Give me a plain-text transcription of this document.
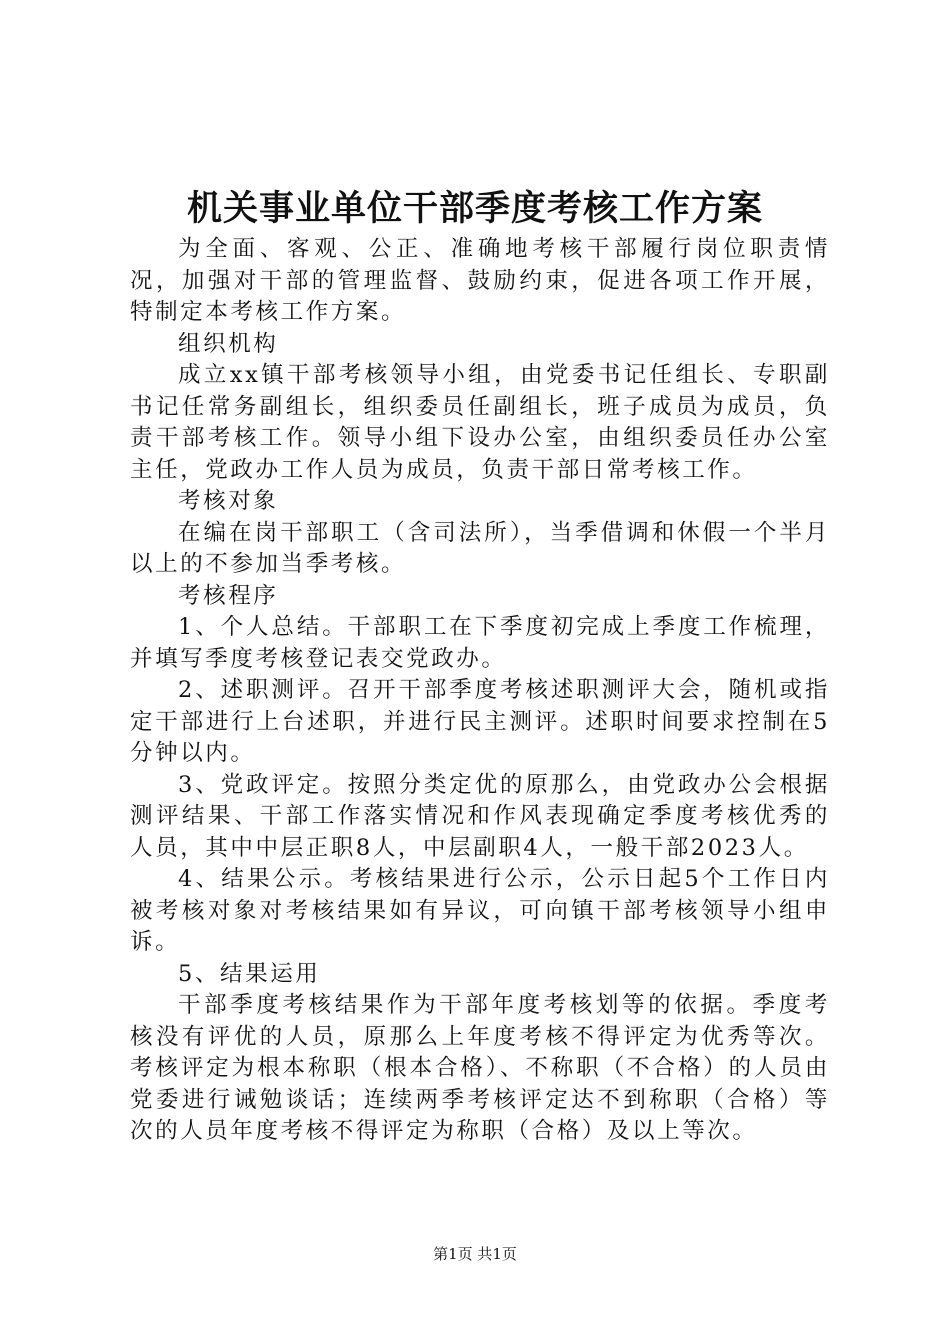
机关事业单位干部季度考核工作方案

为全面、客观、公正、准确地考核干部履行岗位职责情况，加强对干部的管理监督、鼓励约束，促进各项工作开展，特制定本考核工作方案。

组织机构

成立xx镇干部考核领导小组，由党委书记任组长、专职副书记任常务副组长，组织委员任副组长，班子成员为成员，负责干部考核工作。领导小组下设办公室，由组织委员任办公室主任，党政办工作人员为成员，负责干部日常考核工作。

考核对象

在编在岗干部职工（含司法所），当季借调和休假一个半月以上的不参加当季考核。

考核程序

1、个人总结。干部职工在下季度初完成上季度工作梳理，并填写季度考核登记表交党政办。

2、述职测评。召开干部季度考核述职测评大会，随机或指定干部进行上台述职，并进行民主测评。述职时间要求控制在5分钟以内。

3、党政评定。按照分类定优的原那么，由党政办公会根据测评结果、干部工作落实情况和作风表现确定季度考核优秀的人员，其中中层正职8人，中层副职4人，一般干部2023人。

4、结果公示。考核结果进行公示，公示日起5个工作日内被考核对象对考核结果如有异议，可向镇干部考核领导小组申诉。

5、结果运用

干部季度考核结果作为干部年度考核划等的依据。季度考核没有评优的人员，原那么上年度考核不得评定为优秀等次。考核评定为根本称职（根本合格）、不称职（不合格）的人员由党委进行诫勉谈话；连续两季考核评定达不到称职（合格）等次的人员年度考核不得评定为称职（合格）及以上等次。

第1页 共1页
